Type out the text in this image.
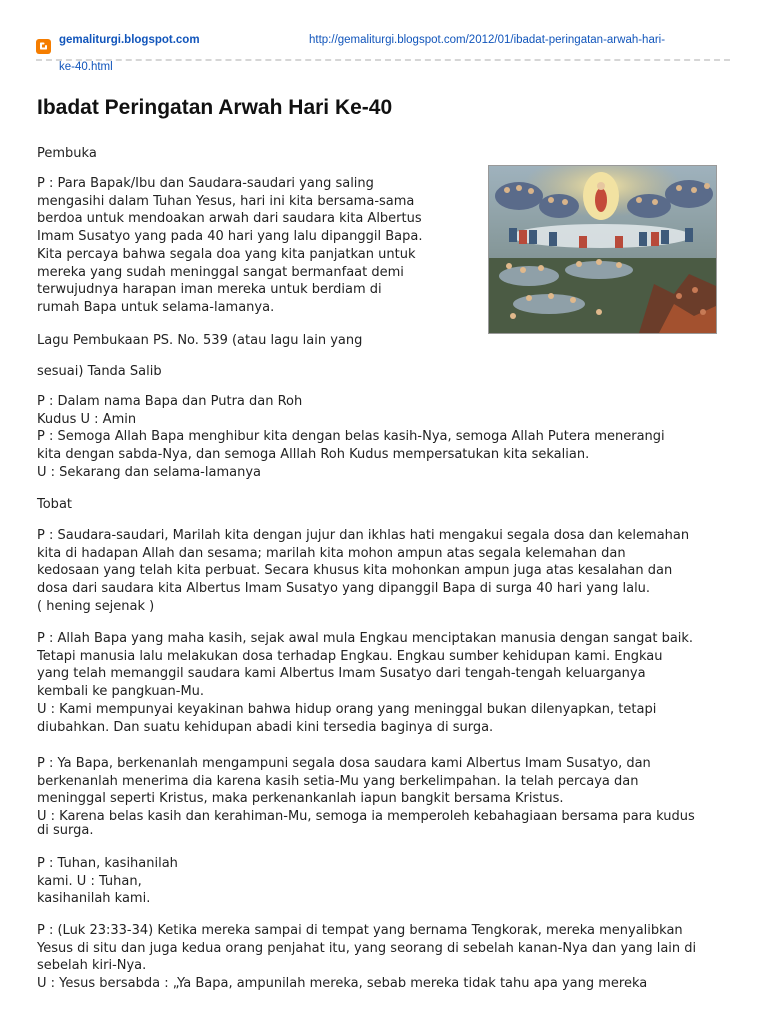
gemaliturgi.blogspot.com	http://gemaliturgi.blogspot.com/2012/01/ibadat-peringatan-arwah-hari-
ke-40.html
Ibadat Peringatan Arwah Hari Ke-40

Pembuka

P : Para Bapak/Ibu dan Saudara-saudari yang saling
mengasihi dalam Tuhan Yesus, hari ini kita bersama-sama
berdoa untuk mendoakan arwah dari saudara kita Albertus
Imam Susatyo yang pada 40 hari yang lalu dipanggil Bapa.
Kita percaya bahwa segala doa yang kita panjatkan untuk
mereka yang sudah meninggal sangat bermanfaat demi
terwujudnya harapan iman mereka untuk berdiam di
rumah Bapa untuk selama-lamanya.

Lagu Pembukaan PS. No. 539 (atau lagu lain yang

sesuai) Tanda Salib

P : Dalam nama Bapa dan Putra dan Roh
Kudus U : Amin
P : Semoga Allah Bapa menghibur kita dengan belas kasih-Nya, semoga Allah Putera menerangi
kita dengan sabda-Nya, dan semoga Alllah Roh Kudus mempersatukan kita sekalian.
U : Sekarang dan selama-lamanya

Tobat

P : Saudara-saudari, Marilah kita dengan jujur dan ikhlas hati mengakui segala dosa dan kelemahan
kita di hadapan Allah dan sesama; marilah kita mohon ampun atas segala kelemahan dan
kedosaan yang telah kita perbuat. Secara khusus kita mohonkan ampun juga atas kesalahan dan
dosa dari saudara kita Albertus Imam Susatyo yang dipanggil Bapa di surga 40 hari yang lalu.
( hening sejenak )

P : Allah Bapa yang maha kasih, sejak awal mula Engkau menciptakan manusia dengan sangat baik.
Tetapi manusia lalu melakukan dosa terhadap Engkau. Engkau sumber kehidupan kami. Engkau
yang telah memanggil saudara kami Albertus Imam Susatyo dari tengah-tengah keluarganya
kembali ke pangkuan-Mu.
U : Kami mempunyai keyakinan bahwa hidup orang yang meninggal bukan dilenyapkan, tetapi
diubahkan. Dan suatu kehidupan abadi kini tersedia baginya di surga.

P : Ya Bapa, berkenanlah mengampuni segala dosa saudara kami Albertus Imam Susatyo, dan
berkenanlah menerima dia karena kasih setia-Mu yang berkelimpahan. Ia telah percaya dan
meninggal seperti Kristus, maka perkenankanlah iapun bangkit bersama Kristus.
U : Karena belas kasih dan kerahiman-Mu, semoga ia memperoleh kebahagiaan bersama para kudus
di surga.

P : Tuhan, kasihanilah
kami. U : Tuhan,
kasihanilah kami.

P : (Luk 23:33-34) Ketika mereka sampai di tempat yang bernama Tengkorak, mereka menyalibkan
Yesus di situ dan juga kedua orang penjahat itu, yang seorang di sebelah kanan-Nya dan yang lain di
sebelah kiri-Nya.
U : Yesus bersabda : „Ya Bapa, ampunilah mereka, sebab mereka tidak tahu apa yang mereka
